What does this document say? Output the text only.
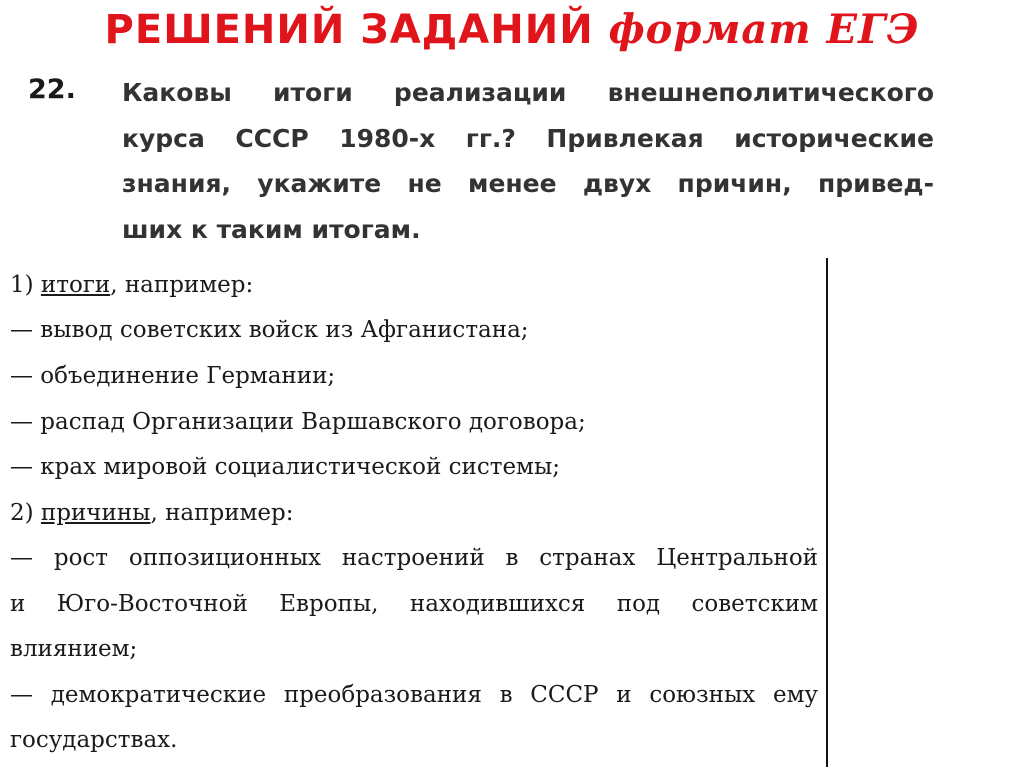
РЕШЕНИЙ ЗАДАНИЙ формат ЕГЭ
22. Каковы итоги реализации внешнеполитического
курса СССР 1980-х гг.? Привлекая исторические
знания, укажите не менее двух причин, привед-
ших к таким итогам.
1) итоги, например:
— вывод советских войск из Афганистана;
— объединение Германии;
— распад Организации Варшавского договора;
— крах мировой социалистической системы;
2) причины, например:
— рост оппозиционных настроений в странах Центральной
и Юго-Восточной Европы, находившихся под советским
влиянием;
— демократические преобразования в СССР и союзных ему
государствах.
